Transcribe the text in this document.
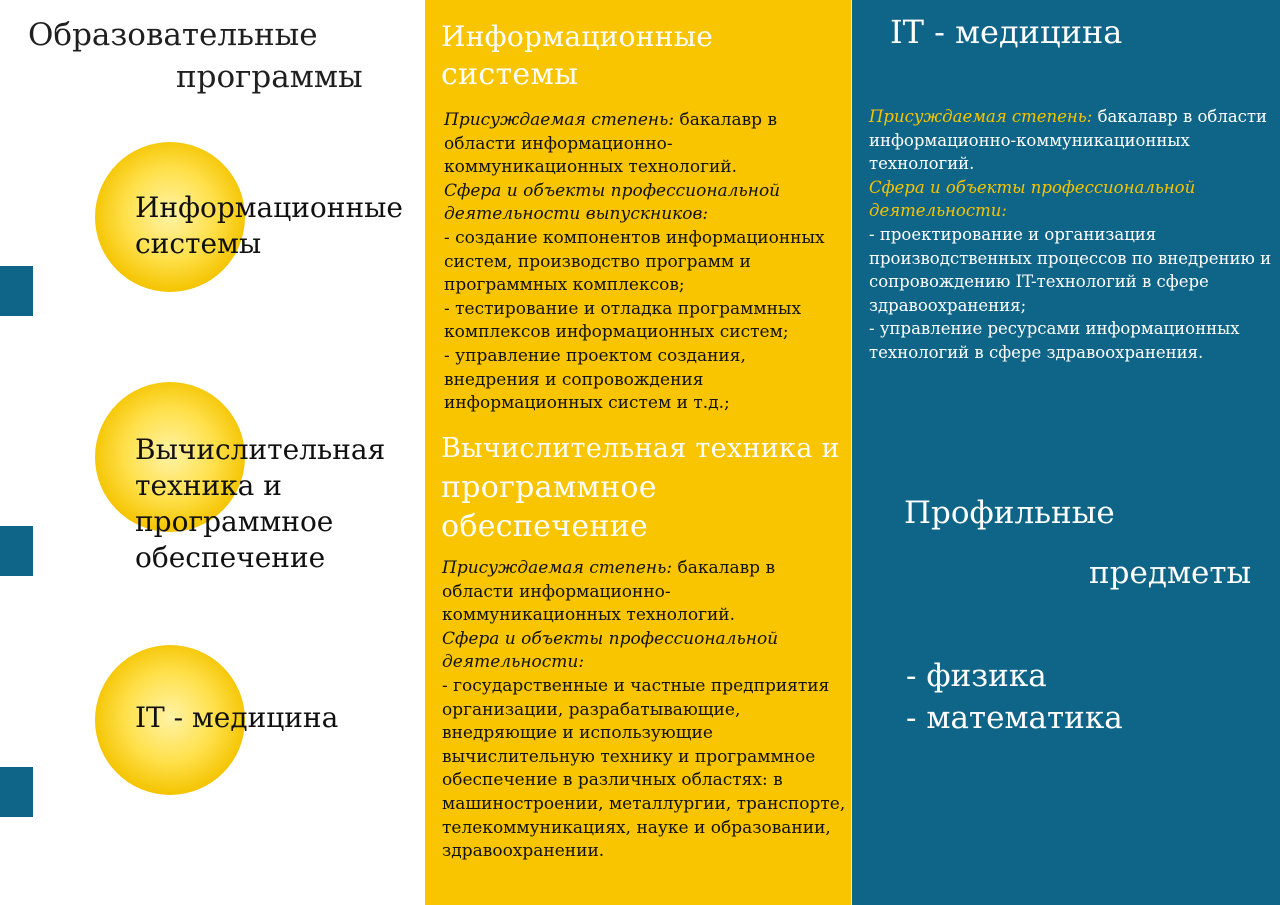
Образовательные
программы
Информационные системы
Вычислительная техника и программное обеспечение
IT - медицина
Информационные
системы

Присуждаемая степень: бакалавр в области информационно-коммуникационных технологий.

Сфера и объекты профессиональной деятельности выпускников:

- создание компонентов информационных систем, производство программ и программных комплексов;

- тестирование и отладка программных комплексов информационных систем;

- управление проектом создания, внедрения и сопровождения информационных систем и т.д.;

Вычислительная техника и
программное
обеспечение

Присуждаемая степень: бакалавр в области информационно-коммуникационных технологий.

Сфера и объекты профессиональной деятельности:

- государственные и частные предприятия организации, разрабатывающие, внедряющие и использующие вычислительную технику и программное обеспечение в различных областях: в машиностроении, металлургии, транспорте, телекоммуникациях, науке и образовании, здравоохранении.

IT - медицина

Присуждаемая степень: бакалавр в области информационно-коммуникационных технологий.

Сфера и объекты профессиональной деятельности:

- проектирование и организация производственных процессов по внедрению и сопровождению IT-технологий в сфере здравоохранения;

- управление ресурсами информационных технологий в сфере здравоохранения.

Профильные
предметы
- физика
- математика
